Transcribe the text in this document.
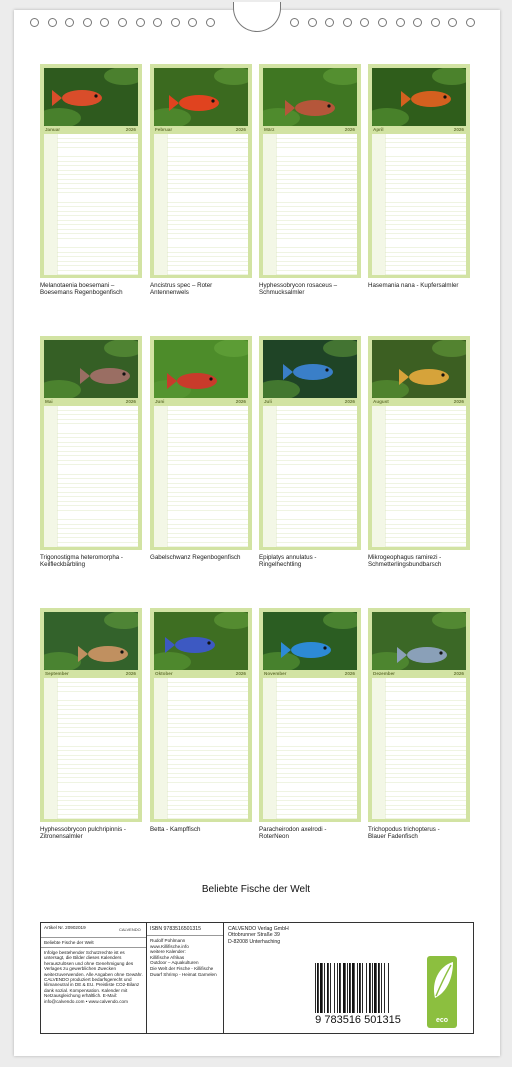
Januar	2026
Melanotaenia boesemani –
Boesemans Regenbogenfisch
Februar	2026
Ancistrus spec – Roter
Antennenwels
März	2026
Hyphessobrycon rosaceus –
Schmucksalmler
April	2026
Hasemania nana - Kupfersalmler
Mai	2026
Trigonostigma heteromorpha -
Keilfleckbärbling
Juni	2026
Gabelschwanz Regenbogenfisch
Juli	2026
Epiplatys annulatus -
Ringelhechtling
August	2026
Mikrogeophagus ramirezi -
Schmetterlingsbundbarsch
September	2026
Hyphessobrycon pulchripinnis -
Zitronensalmler
Oktober	2026
Betta - Kampffisch
November	2026
Paracheirodon axelrodi -
RoterNeon
Dezember	2026
Trichopodus trichopterus -
Blauer Fadenfisch
Beliebte Fische der Welt
Artikel Nr. 20902019	CALVENDO
Beliebte Fische der Welt
Infolge bestehender Schutzrechte ist es untersagt, die Bilder dieses Kalenders herauszulösen und ohne Genehmigung des Verlages zu gewerblichen Zwecken weiterzuverwenden. Alle Angaben ohne Gewähr. CALVENDO produziert bedarfsgerecht und klimaneutral in DE & EU. Preisliste CO2-Bilanz dank sozial. Kompensation. Kalender mit Netzausgleichung erhältlich. E-Mail: info@calvendo.com • www.calvendo.com
ISBN 9783516501315
Rudolf Pohlmann
www.Killifische.info
weitere Kalender:
Killifische Afrikas
Outdoor – Aquakulturen
Die Welt der Fische - Killifische
Dwarf Shrimp - Heimat Garnelen
CALVENDO Verlag GmbH
Ottobrunner Straße 39
D-82008 Unterhaching
9 783516 501315	eco
